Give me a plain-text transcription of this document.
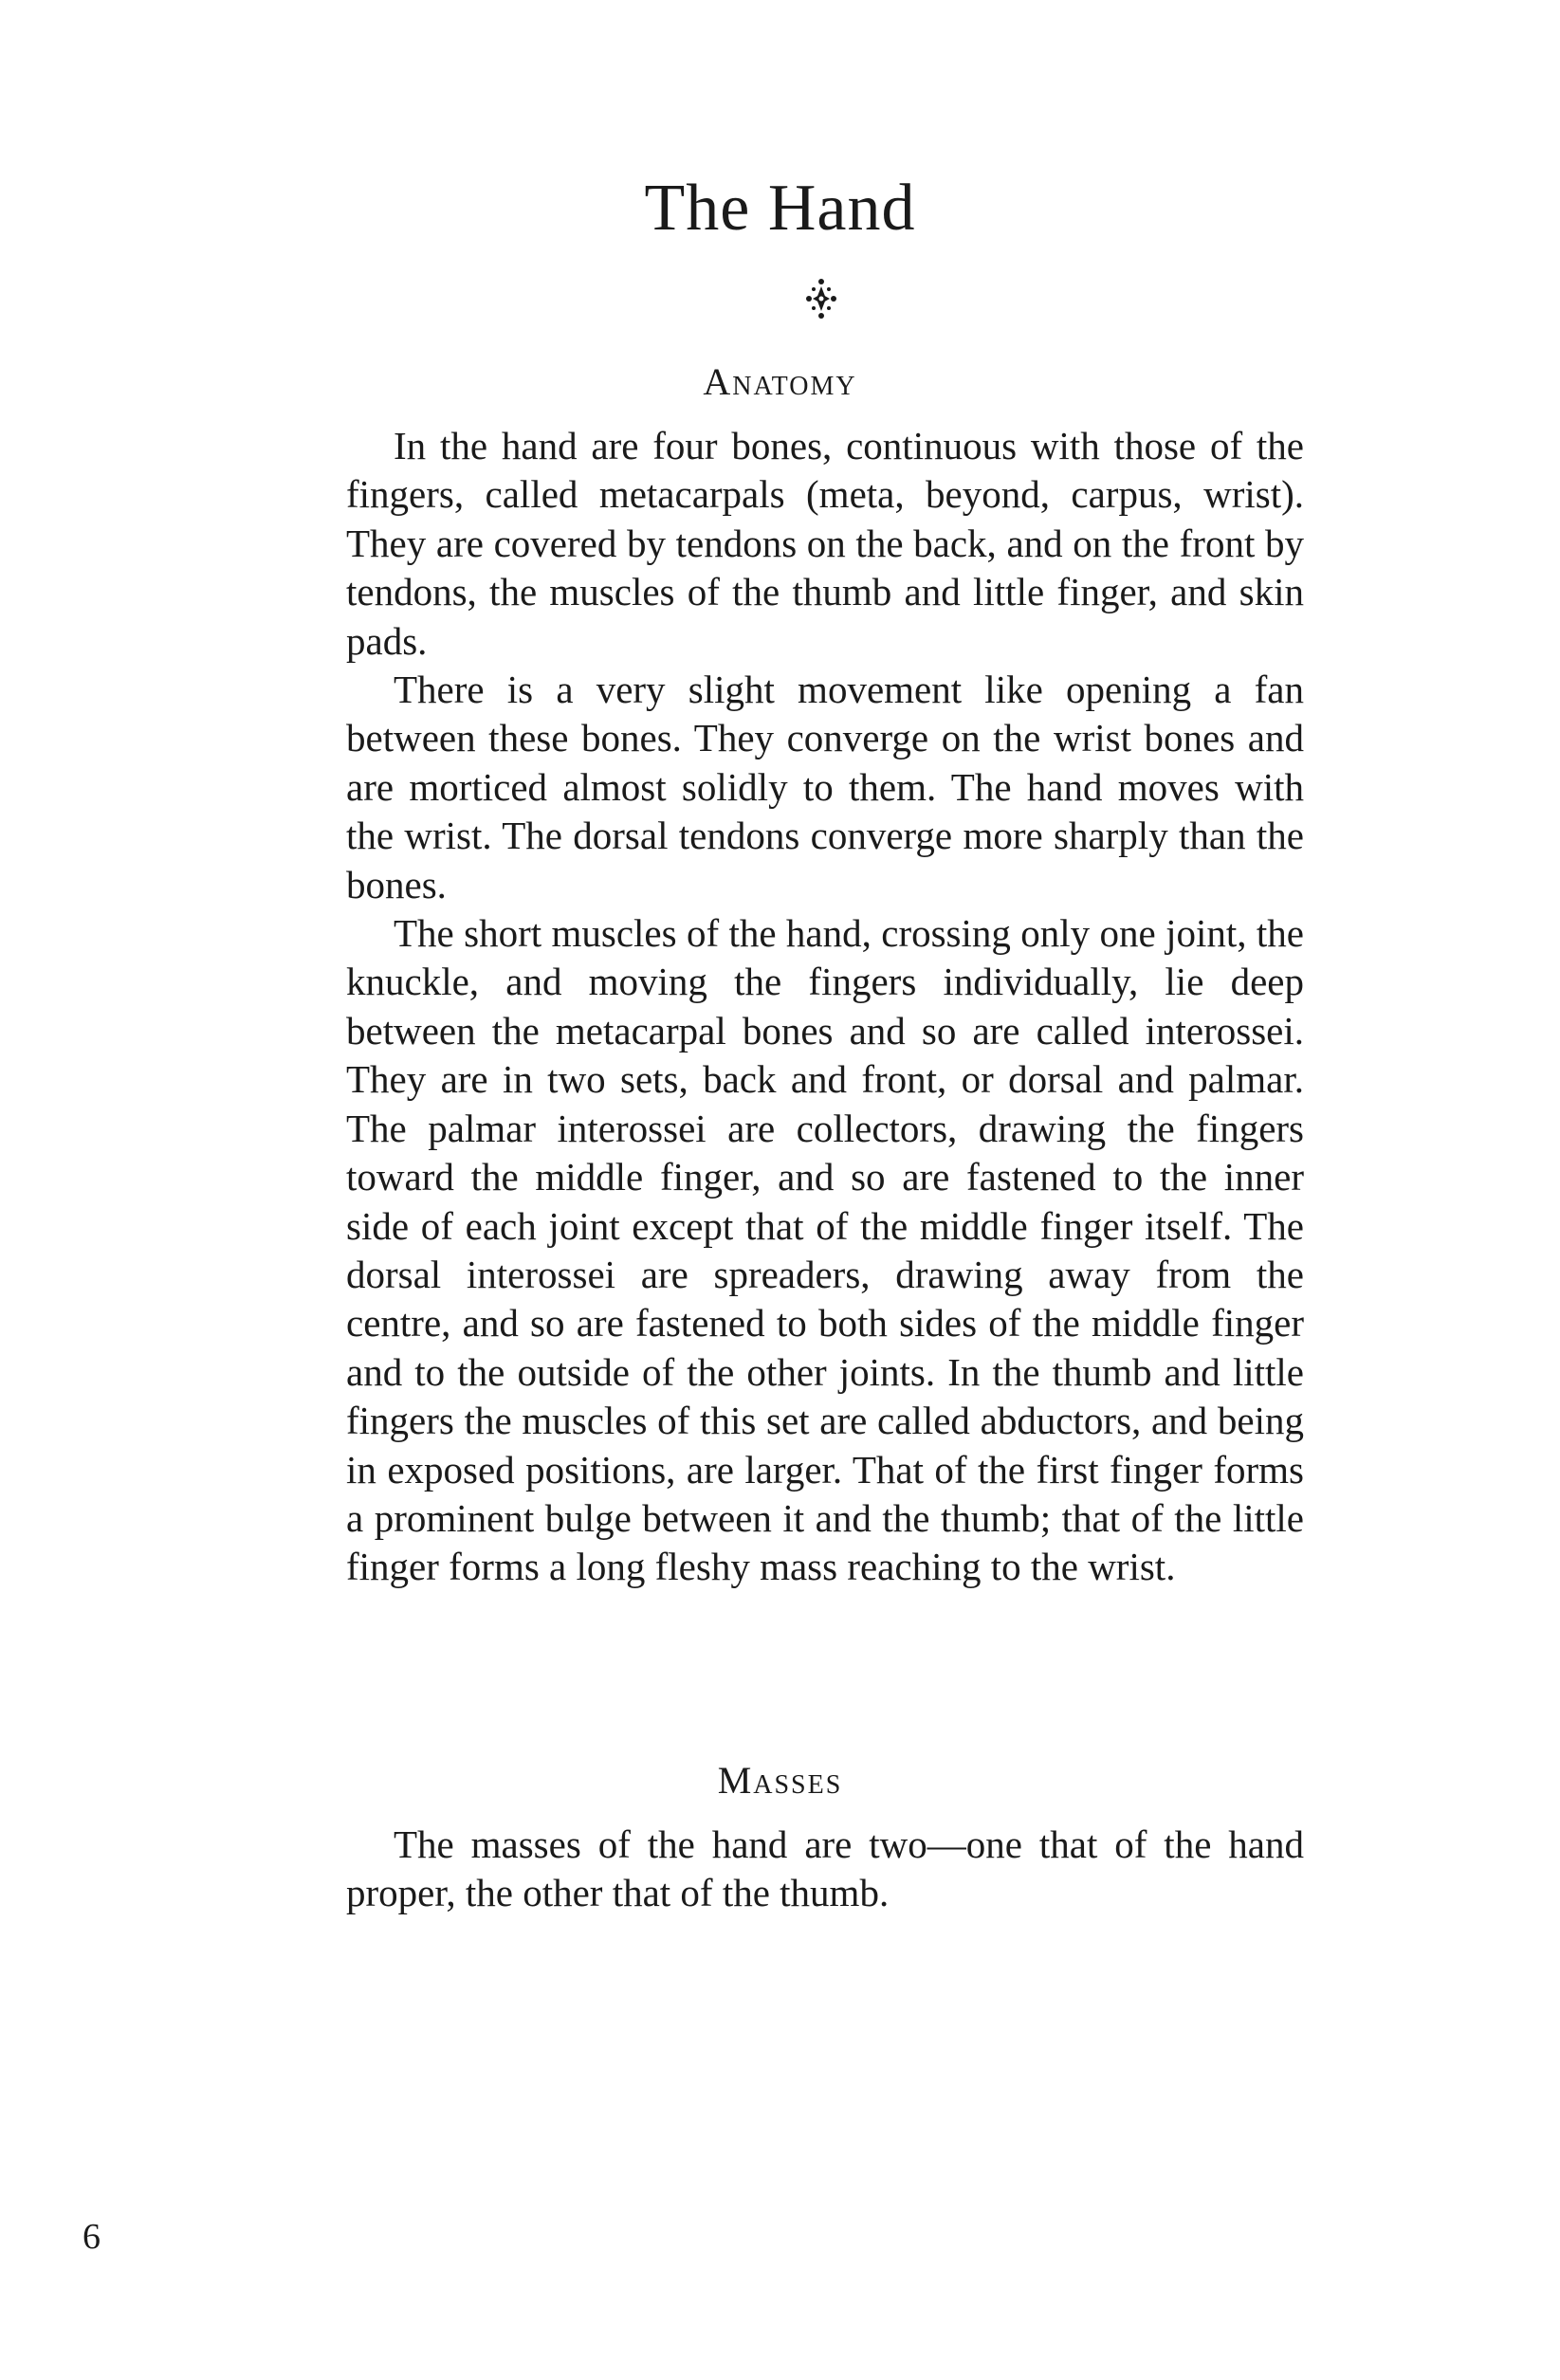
The Hand
Anatomy

In the hand are four bones, continuous with those of the fingers, called metacarpals (meta, beyond, carpus, wrist). They are covered by tendons on the back, and on the front by tendons, the muscles of the thumb and little finger, and skin pads.

There is a very slight movement like opening a fan between these bones. They converge on the wrist bones and are morticed almost solidly to them. The hand moves with the wrist. The dorsal tendons converge more sharply than the bones.

The short muscles of the hand, crossing only one joint, the knuckle, and moving the fingers individually, lie deep between the metacarpal bones and so are called interossei. They are in two sets, back and front, or dorsal and palmar. The palmar interossei are collectors, drawing the fingers toward the middle finger, and so are fastened to the inner side of each joint except that of the middle finger itself. The dorsal interossei are spreaders, drawing away from the centre, and so are fastened to both sides of the middle finger and to the outside of the other joints. In the thumb and little fingers the muscles of this set are called abductors, and being in exposed positions, are larger. That of the first finger forms a prominent bulge between it and the thumb; that of the little finger forms a long fleshy mass reaching to the wrist.

Masses

The masses of the hand are two—one that of the hand proper, the other that of the thumb.

6
